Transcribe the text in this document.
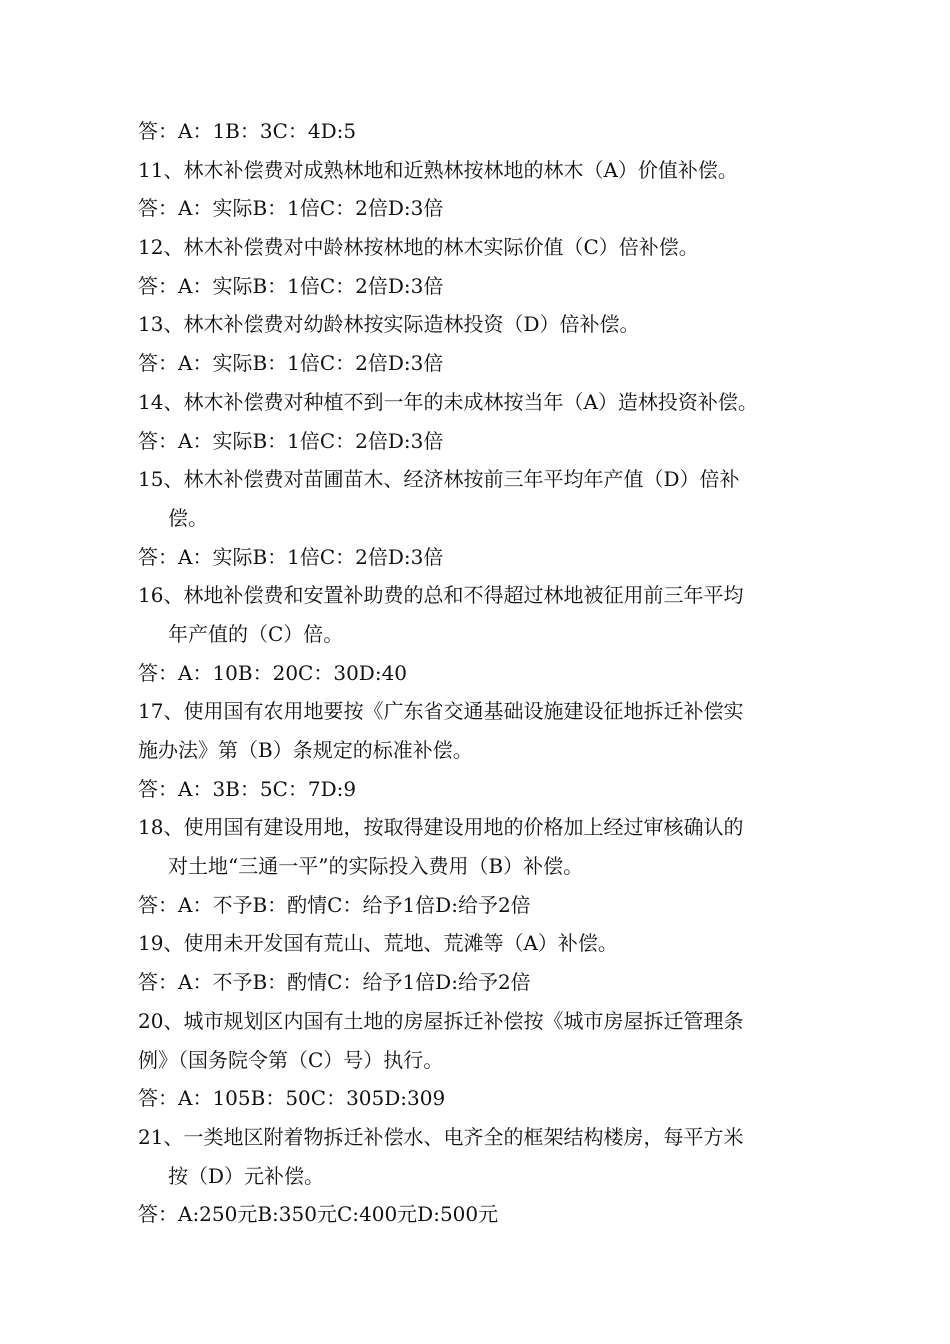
答：A：1B：3C：4D:5
11、林木补偿费对成熟林地和近熟林按林地的林木（A）价值补偿。
答：A：实际B：1倍C：2倍D:3倍
12、林木补偿费对中龄林按林地的林木实际价值（C）倍补偿。
答：A：实际B：1倍C：2倍D:3倍
13、林木补偿费对幼龄林按实际造林投资（D）倍补偿。
答：A：实际B：1倍C：2倍D:3倍
14、林木补偿费对种植不到一年的未成林按当年（A）造林投资补偿。
答：A：实际B：1倍C：2倍D:3倍
15、林木补偿费对苗圃苗木、经济林按前三年平均年产值（D）倍补
偿。
答：A：实际B：1倍C：2倍D:3倍
16、林地补偿费和安置补助费的总和不得超过林地被征用前三年平均
年产值的（C）倍。
答：A：10B：20C：30D:40
17、使用国有农用地要按《广东省交通基础设施建设征地拆迁补偿实
施办法》第（B）条规定的标准补偿。
答：A：3B：5C：7D:9
18、使用国有建设用地，按取得建设用地的价格加上经过审核确认的
对土地“三通一平”的实际投入费用（B）补偿。
答：A：不予B：酌情C：给予1倍D:给予2倍
19、使用未开发国有荒山、荒地、荒滩等（A）补偿。
答：A：不予B：酌情C：给予1倍D:给予2倍
20、城市规划区内国有土地的房屋拆迁补偿按《城市房屋拆迁管理条
例》（国务院令第（C）号）执行。
答：A：105B：50C：305D:309
21、一类地区附着物拆迁补偿水、电齐全的框架结构楼房，每平方米
按（D）元补偿。
答：A:250元B:350元C:400元D:500元
